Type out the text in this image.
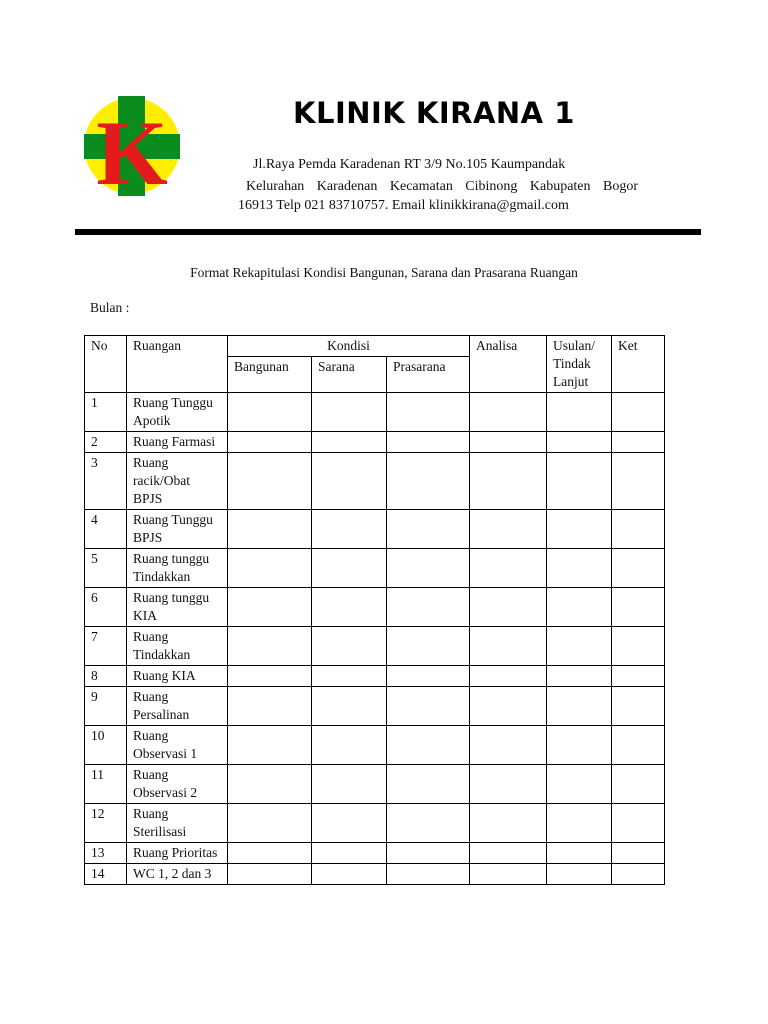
K	KLINIK KIRANA 1
Jl.Raya Pemda Karadenan RT 3/9 No.105 Kaumpandak
Kelurahan Karadenan Kecamatan Cibinong Kabupaten Bogor
16913 Telp 021 83710757. Email klinikkirana@gmail.com
Format Rekapitulasi Kondisi Bangunan, Sarana dan Prasarana Ruangan
Bulan :
No	Ruangan	Kondisi			Analisa	Usulan/ Tindak Lanjut	Ket
		Bangunan	Sarana	Prasarana			
1	Ruang Tunggu Apotik						
2	Ruang Farmasi						
3	Ruang racik/Obat BPJS						
4	Ruang Tunggu BPJS						
5	Ruang tunggu Tindakkan						
6	Ruang tunggu KIA						
7	Ruang Tindakkan						
8	Ruang KIA						
9	Ruang Persalinan						
10	Ruang Observasi 1						
11	Ruang Observasi 2						
12	Ruang Sterilisasi						
13	Ruang Prioritas						
14	WC 1, 2 dan 3						
